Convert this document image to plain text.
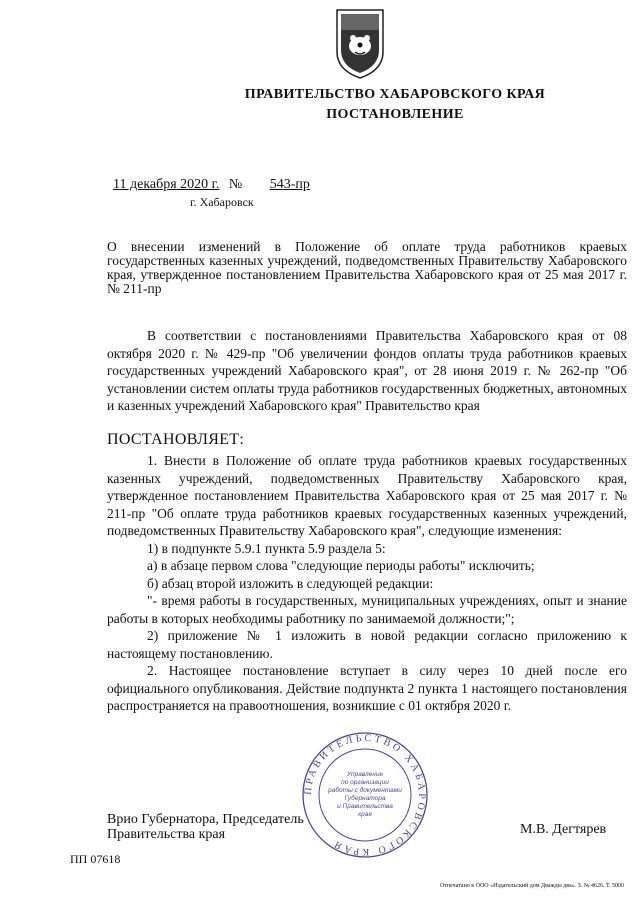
ПРАВИТЕЛЬСТВО ХАБАРОВСКОГО КРАЯ
ПОСТАНОВЛЕНИЕ
11 декабря 2020 г. № 543-пр
г. Хабаровск
О внесении изменений в Положение об оплате труда работников краевых государственных казенных учреждений, подведомственных Правительству Хабаровского края, утвержденное постановлением Правительства Хабаровского края от 25 мая 2017 г. № 211-пр

В соответствии с постановлениями Правительства Хабаровского края от 08 октября 2020 г. № 429-пр "Об увеличении фондов оплаты труда работников краевых государственных учреждений Хабаровского края", от 28 июня 2019 г. № 262-пр "Об установлении систем оплаты труда работников государственных бюджетных, автономных и казенных учреждений Хабаровского края" Правительство края

ПОСТАНОВЛЯЕТ:

1. Внести в Положение об оплате труда работников краевых государственных казенных учреждений, подведомственных Правительству Хабаровского края, утвержденное постановлением Правительства Хабаровского края от 25 мая 2017 г. № 211-пр "Об оплате труда работников краевых государственных казенных учреждений, подведомственных Правительству Хабаровского края", следующие изменения:

1) в подпункте 5.9.1 пункта 5.9 раздела 5:

а) в абзаце первом слова "следующие периоды работы" исключить;

б) абзац второй изложить в следующей редакции:

"- время работы в государственных, муниципальных учреждениях, опыт и знание работы в которых необходимы работнику по занимаемой должности;";

2) приложение № 1 изложить в новой редакции согласно приложению к настоящему постановлению.

2. Настоящее постановление вступает в силу через 10 дней после его официального опубликования. Действие подпункта 2 пункта 1 настоящего постановления распространяется на правоотношения, возникшие с 01 октября 2020 г.

ПРАВИТЕЛЬСТВО ХАБАРОВСКОГО КРАЯ
Управление
по организации
работы с документами
Губернатора
и Правительства
края
Врио Губернатора, Председатель
Правительства края	М.В. Дегтярев
ПП 07618
Отпечатано в ООО «Издательский дом Дважды два». З. № 4626. Т. 5000
